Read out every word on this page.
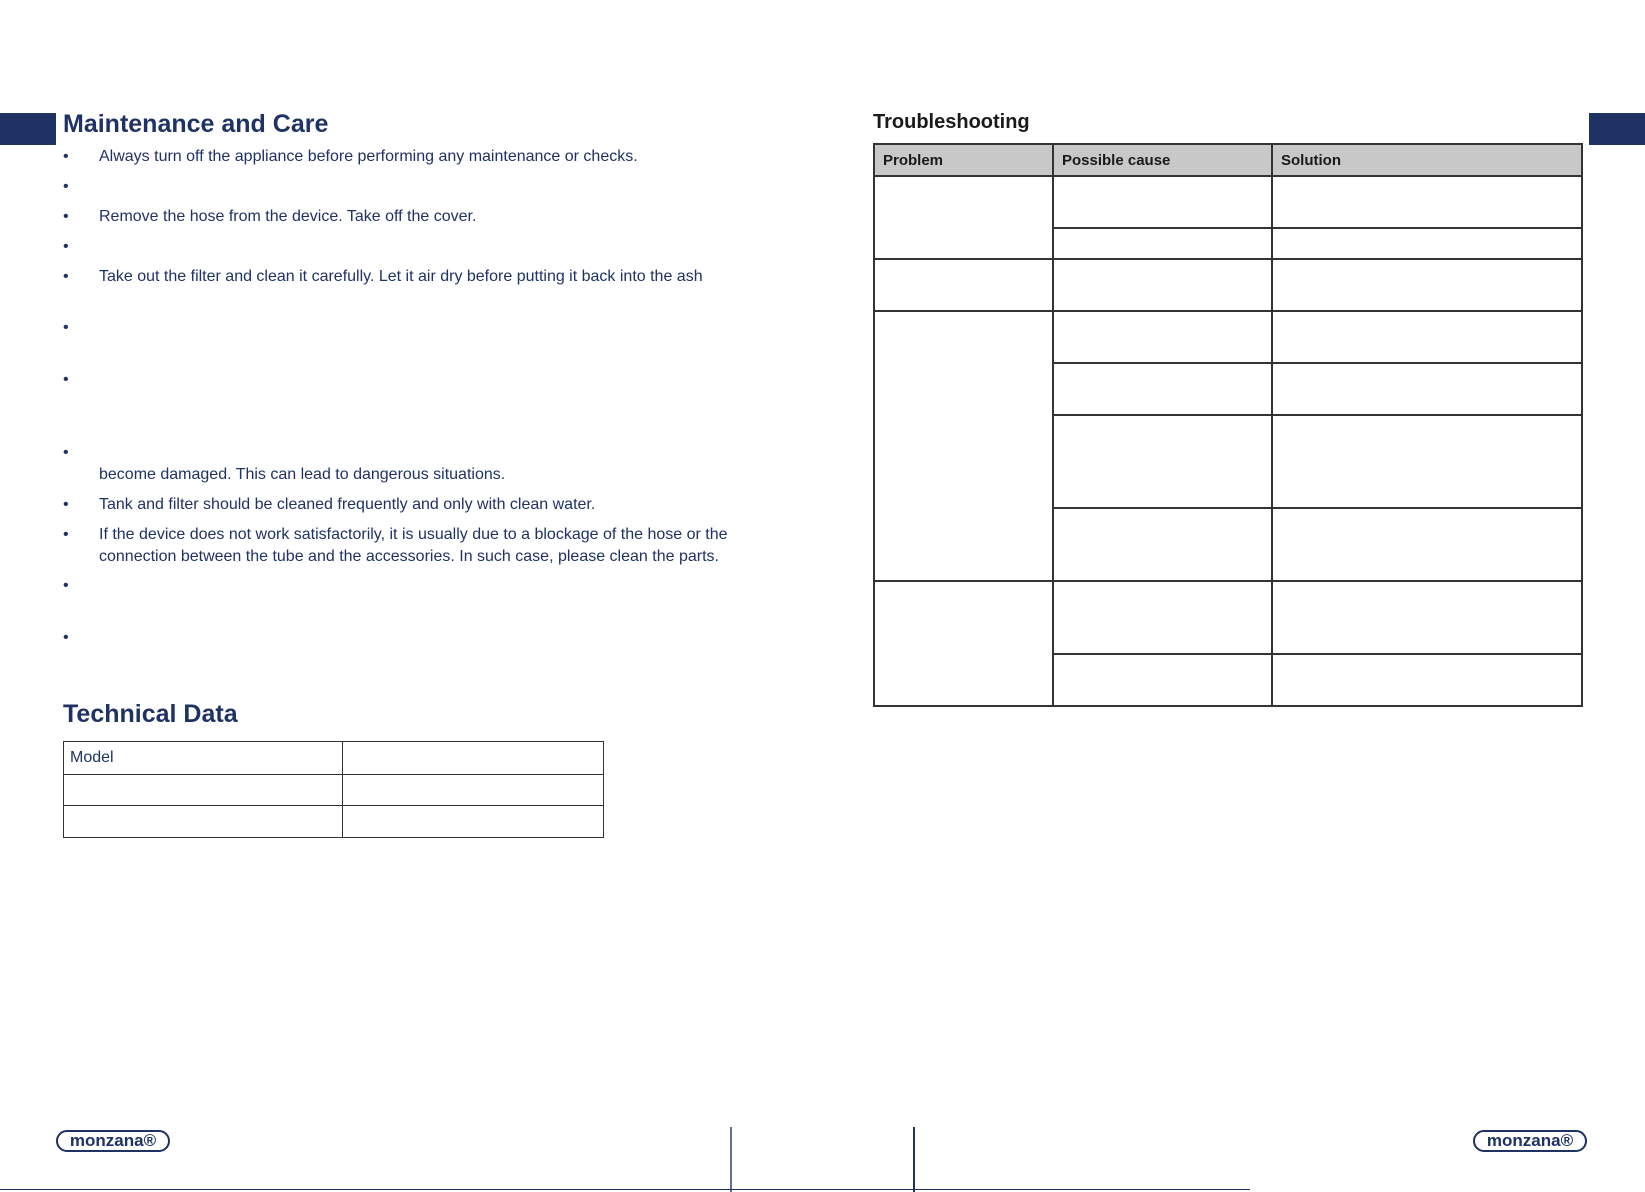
Maintenance and Care
• Always turn off the appliance before performing any maintenance or checks.
•
• Remove the hose from the device. Take off the cover.
•
• Take out the filter and clean it carefully. Let it air dry before putting it back into the ash
•
•
•
become damaged. This can lead to dangerous situations.
• Tank and filter should be cleaned frequently and only with clean water.
• If the device does not work satisfactorily, it is usually due to a blockage of the hose or the
connection between the tube and the accessories. In such case, please clean the parts.
•
•
Technical Data
Model	

Troubleshooting
Problem	Possible cause	Solution

monzana®	monzana®
